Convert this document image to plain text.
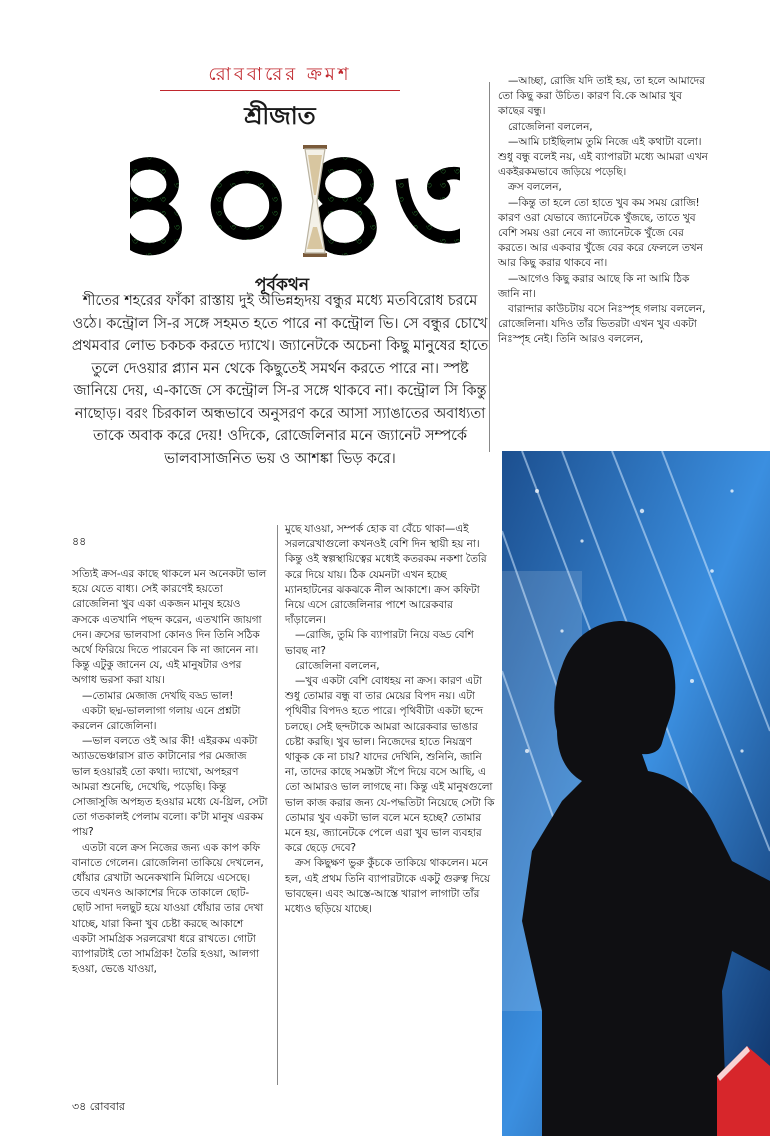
রোববারের ক্রমশ
শ্রীজাত
পূর্বকথন

শীতের শহরের ফাঁকা রাস্তায় দুই অভিন্নহৃদয় বন্ধুর মধ্যে মতবিরোধ চরমে ওঠে। কন্ট্রোল সি-র সঙ্গে সহমত হতে পারে না কন্ট্রোল ভি। সে বন্ধুর চোখে প্রথমবার লোভ চকচক করতে দ্যাখে। জ্যানেটকে অচেনা কিছু মানুষের হাতে তুলে দেওয়ার প্ল্যান মন থেকে কিছুতেই সমর্থন করতে পারে না। স্পষ্ট জানিয়ে দেয়, এ-কাজে সে কন্ট্রোল সি-র সঙ্গে থাকবে না। কন্ট্রোল সি কিন্তু নাছোড়। বরং চিরকাল অন্ধভাবে অনুসরণ করে আসা স্যাঙাতের অবাধ্যতা তাকে অবাক করে দেয়! ওদিকে, রোজেলিনার মনে জ্যানেট সম্পর্কে ভালবাসাজনিত ভয় ও আশঙ্কা ভিড় করে।

—আচ্ছা, রোজি যদি তাই হয়, তা হলে আমাদের তো কিছু করা উচিত। কারণ বি.কে আমার খুব কাছের বন্ধু।

রোজেলিনা বললেন,

—আমি চাইছিলাম তুমি নিজে এই কথাটা বলো। শুধু বন্ধু বলেই নয়, এই ব্যাপারটা মধ্যে আমরা এখন একইরকমভাবে জড়িয়ে পড়েছি।

ক্রস বললেন,

—কিন্তু তা হলে তো হাতে খুব কম সময় রোজি! কারণ ওরা যেভাবে জ্যানেটকে খুঁজছে, তাতে খুব বেশি সময় ওরা নেবে না জ্যানেটকে খুঁজে বের করতে। আর একবার খুঁজে বের করে ফেললে তখন আর কিছু করার থাকবে না।

—আগেও কিছু করার আছে কি না আমি ঠিক জানি না।

বারান্দার কাউচটায় বসে নিঃস্পৃহ গলায় বললেন, রোজেলিনা। যদিও তাঁর ভিতরটা এখন খুব একটা নিঃস্পৃহ নেই। তিনি আরও বললেন,

৪৪

সত্যিই ক্রস-এর কাছে থাকলে মন অনেকটা ভাল হয়ে যেতে বাধ্য। সেই কারণেই হয়তো রোজেলিনা খুব একা একজন মানুষ হয়েও ক্রসকে এতখানি পছন্দ করেন, এতখানি জায়গা দেন। ক্রসের ভালবাসা কোনও দিন তিনি সঠিক অর্থে ফিরিয়ে দিতে পারবেন কি না জানেন না। কিন্তু এটুকু জানেন যে, এই মানুষটার ওপর অগাধ ভরসা করা যায়।

—তোমার মেজাজ দেখছি বড্ড ভাল!

একটা ছদ্ম-ভাললাগা গলায় এনে প্রশ্নটা করলেন রোজেলিনা।

—ভাল বলতে ওই আর কী! এইরকম একটা অ্যাডভেঞ্চারাস রাত কাটানোর পর মেজাজ ভাল হওয়ারই তো কথা। দ্যাখো, অপহরণ আমরা শুনেছি, দেখেছি, পড়েছি। কিন্তু সোজাসুজি অপহৃত হওয়ার মধ্যে যে-থ্রিল, সেটা তো গতকালই পেলাম বলো। ক'টা মানুষ এরকম পায়?

এতটা বলে ক্রস নিজের জন্য এক কাপ কফি বানাতে গেলেন। রোজেলিনা তাকিয়ে দেখলেন, ধোঁয়ার রেখাটা অনেকখানি মিলিয়ে এসেছে। তবে এখনও আকাশের দিকে তাকালে ছোট-ছোট সাদা দলছুট হয়ে যাওয়া ধোঁয়ার তার দেখা যাচ্ছে, যারা কিনা খুব চেষ্টা করছে আকাশে একটা সামগ্রিক সরলরেখা ধরে রাখতে। গোটা ব্যাপারটাই তো সামগ্রিক! তৈরি হওয়া, আলগা হওয়া, ভেঙে যাওয়া,

মুছে যাওয়া, সম্পর্ক হোক বা বেঁচে থাকা—এই সরলরেখাগুলো কখনওই বেশি দিন স্থায়ী হয় না। কিন্তু ওই স্বল্পস্থায়িত্বের মধ্যেই কতরকম নকশা তৈরি করে দিয়ে যায়। ঠিক যেমনটা এখন হচ্ছে ম্যানহাটনের ঝকঝকে নীল আকাশে। ক্রস কফিটা নিয়ে এসে রোজেলিনার পাশে আরেকবার দাঁড়ালেন।

—রোজি, তুমি কি ব্যাপারটা নিয়ে বড্ড বেশি ভাবছ না?

রোজেলিনা বললেন,

—খুব একটা বেশি বোধহয় না ক্রস। কারণ এটা শুধু তোমার বন্ধু বা তার মেয়ের বিপদ নয়। এটা পৃথিবীর বিপদও হতে পারে। পৃথিবীটা একটা ছন্দে চলছে। সেই ছন্দটাকে আমরা আরেকবার ভাঙার চেষ্টা করছি। খুব ভাল। নিজেদের হাতে নিয়ন্ত্রণ থাকুক কে না চায়? যাদের দেখিনি, শুনিনি, জানি না, তাদের কাছে সমস্তটা সঁপে দিয়ে বসে আছি, এ তো আমারও ভাল লাগছে না। কিন্তু এই মানুষগুলো ভাল কাজ করার জন্য যে-পদ্ধতিটা নিয়েছে সেটা কি তোমার খুব একটা ভাল বলে মনে হচ্ছে? তোমার মনে হয়, জ্যানেটকে পেলে এরা খুব ভাল ব্যবহার করে ছেড়ে দেবে?

ক্রস কিছুক্ষণ ভুরু কুঁচকে তাকিয়ে থাকলেন। মনে হল, এই প্রথম তিনি ব্যাপারটাকে একটু গুরুত্ব দিয়ে ভাবছেন। এবং আস্তে-আস্তে খারাপ লাগাটা তাঁর মধ্যেও ছড়িয়ে যাচ্ছে।

৩৪ রোববার
